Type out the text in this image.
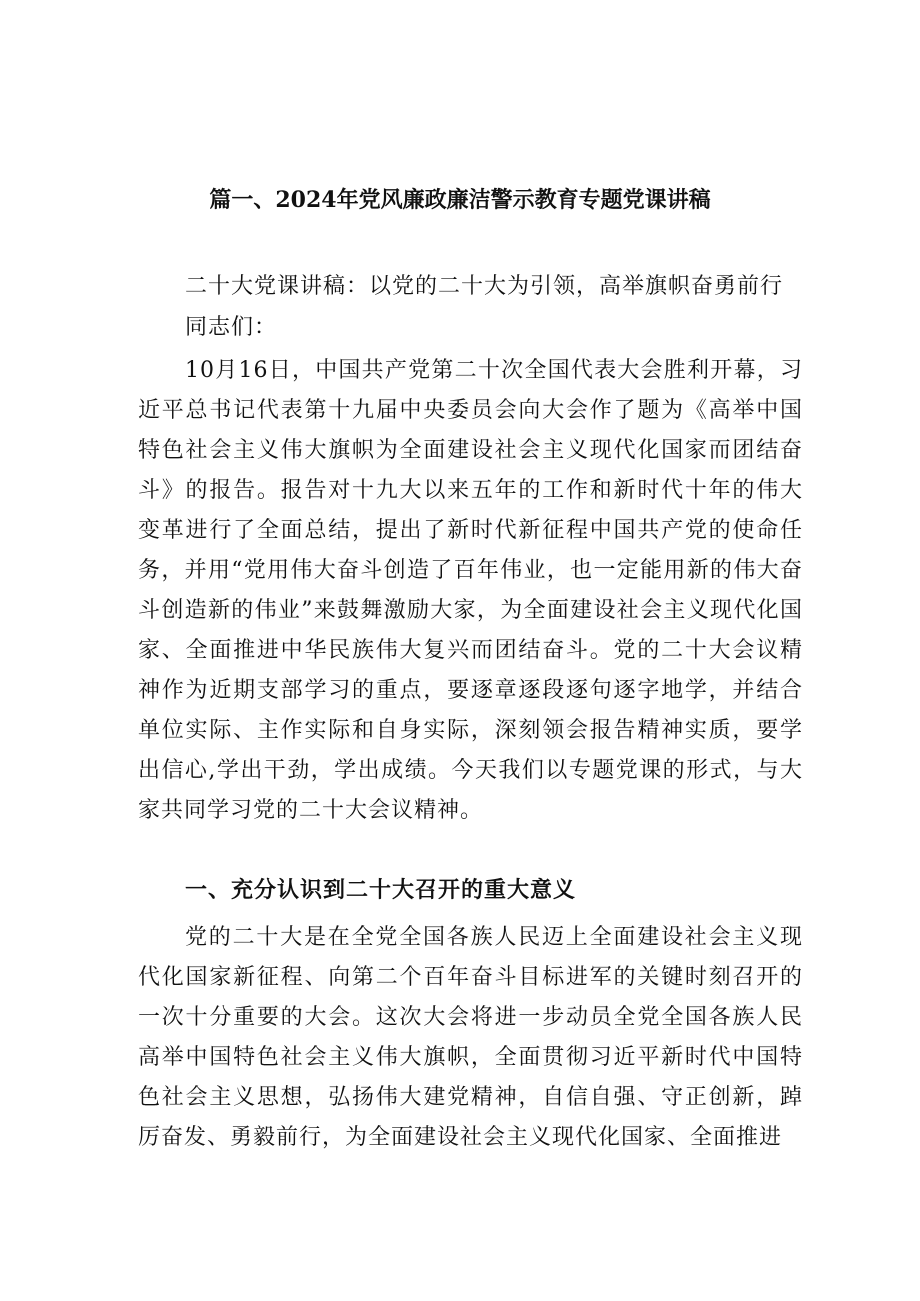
篇一、2024年党风廉政廉洁警示教育专题党课讲稿

二十大党课讲稿：以党的二十大为引领，高举旗帜奋勇前行

同志们：

10月16日，中国共产党第二十次全国代表大会胜利开幕，习近平总书记代表第十九届中央委员会向大会作了题为《高举中国特色社会主义伟大旗帜为全面建设社会主义现代化国家而团结奋斗》的报告。报告对十九大以来五年的工作和新时代十年的伟大变革进行了全面总结，提出了新时代新征程中国共产党的使命任务，并用“党用伟大奋斗创造了百年伟业，也一定能用新的伟大奋斗创造新的伟业”来鼓舞激励大家，为全面建设社会主义现代化国家、全面推进中华民族伟大复兴而团结奋斗。党的二十大会议精神作为近期支部学习的重点，要逐章逐段逐句逐字地学，并结合单位实际、主作实际和自身实际，深刻领会报告精神实质，要学出信心,学出干劲，学出成绩。今天我们以专题党课的形式，与大家共同学习党的二十大会议精神。

一、充分认识到二十大召开的重大意义

党的二十大是在全党全国各族人民迈上全面建设社会主义现代化国家新征程、向第二个百年奋斗目标进军的关键时刻召开的一次十分重要的大会。这次大会将进一步动员全党全国各族人民高举中国特色社会主义伟大旗帜，全面贯彻习近平新时代中国特色社会主义思想，弘扬伟大建党精神，自信自强、守正创新，踔厉奋发、勇毅前行，为全面建设社会主义现代化国家、全面推进
